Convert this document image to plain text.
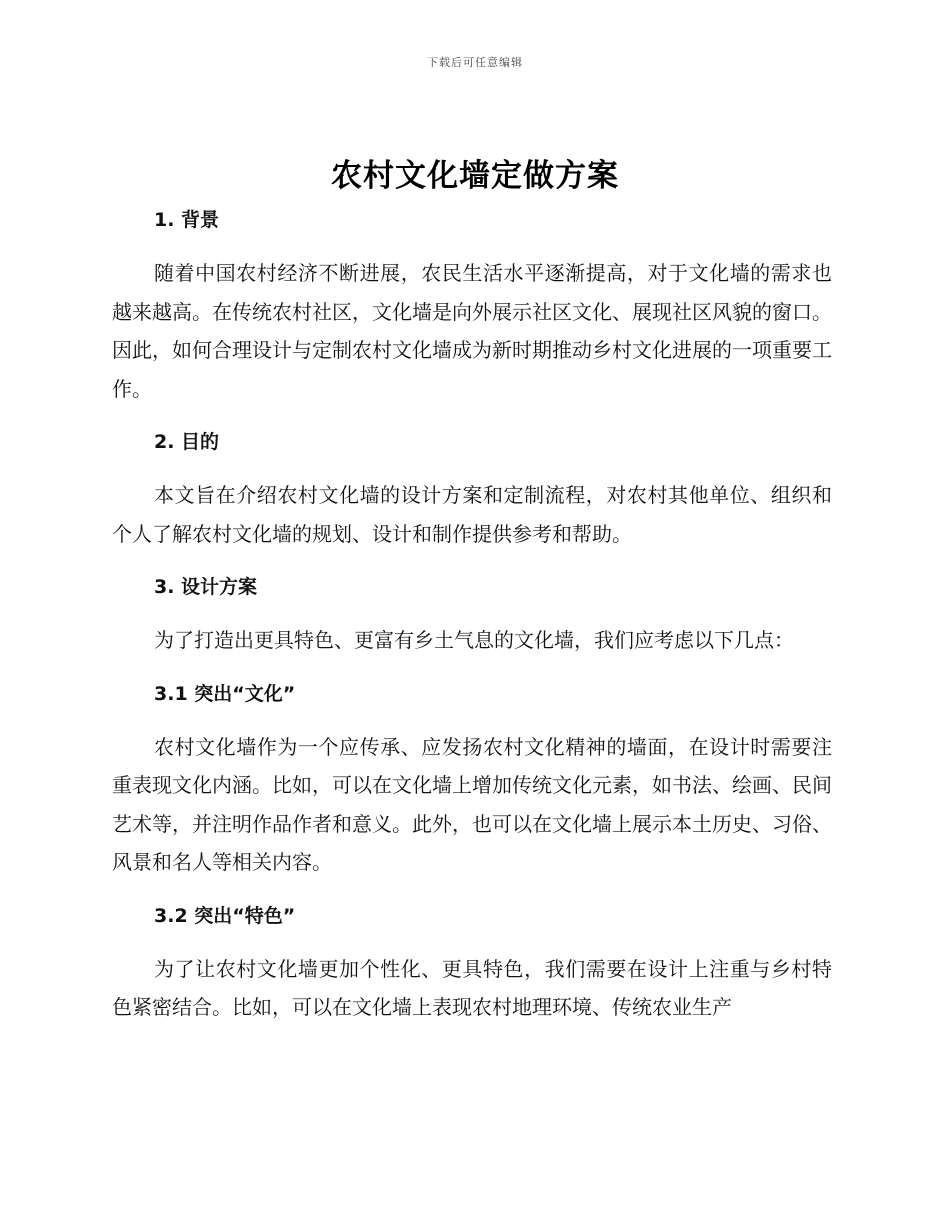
下载后可任意编辑
农村文化墙定做方案
1. 背景

随着中国农村经济不断进展，农民生活水平逐渐提高，对于文化墙的需求也越来越高。在传统农村社区，文化墙是向外展示社区文化、展现社区风貌的窗口。因此，如何合理设计与定制农村文化墙成为新时期推动乡村文化进展的一项重要工作。

2. 目的

本文旨在介绍农村文化墙的设计方案和定制流程，对农村其他单位、组织和个人了解农村文化墙的规划、设计和制作提供参考和帮助。

3. 设计方案

为了打造出更具特色、更富有乡土气息的文化墙，我们应考虑以下几点：

3.1 突出“文化”

农村文化墙作为一个应传承、应发扬农村文化精神的墙面，在设计时需要注重表现文化内涵。比如，可以在文化墙上增加传统文化元素，如书法、绘画、民间艺术等，并注明作品作者和意义。此外，也可以在文化墙上展示本土历史、习俗、风景和名人等相关内容。

3.2 突出“特色”

为了让农村文化墙更加个性化、更具特色，我们需要在设计上注重与乡村特色紧密结合。比如，可以在文化墙上表现农村地理环境、传统农业生产
